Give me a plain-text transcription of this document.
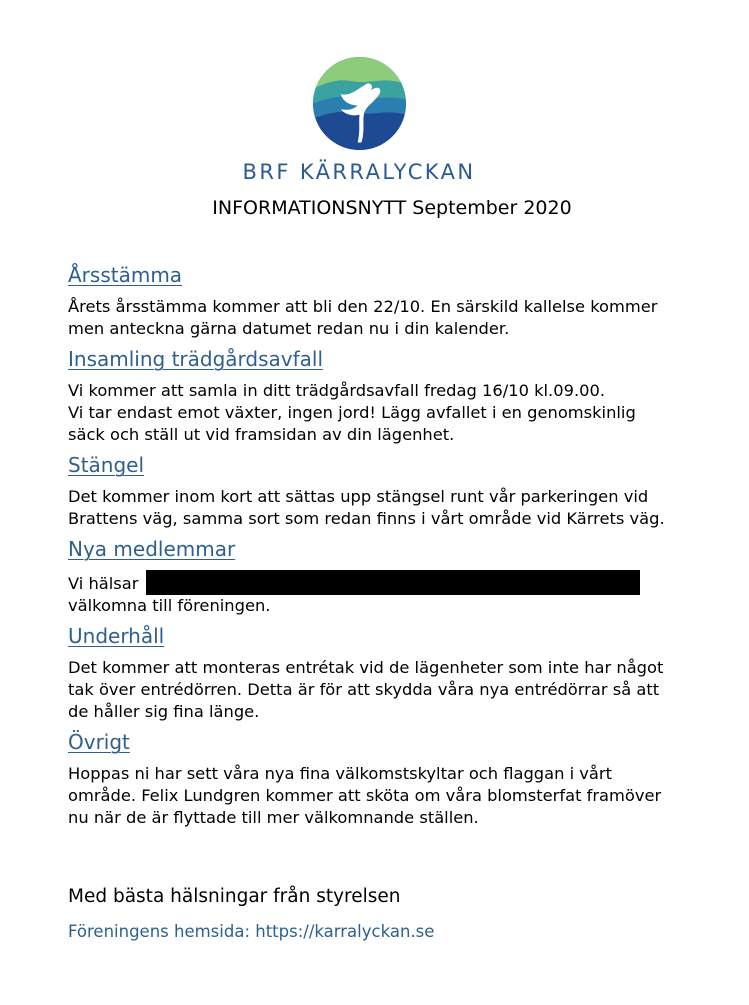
BRF KÄRRALYCKAN
INFORMATIONSNYTT September 2020
Årsstämma
Årets årsstämma kommer att bli den 22/10. En särskild kallelse kommer
men anteckna gärna datumet redan nu i din kalender.
Insamling trädgårdsavfall
Vi kommer att samla in ditt trädgårdsavfall fredag 16/10 kl.09.00.
Vi tar endast emot växter, ingen jord! Lägg avfallet i en genomskinlig
säck och ställ ut vid framsidan av din lägenhet.
Stängel
Det kommer inom kort att sättas upp stängsel runt vår parkeringen vid
Brattens väg, samma sort som redan finns i vårt område vid Kärrets väg.
Nya medlemmar
Vi hälsar
välkomna till föreningen.
Underhåll
Det kommer att monteras entrétak vid de lägenheter som inte har något
tak över entrédörren. Detta är för att skydda våra nya entrédörrar så att
de håller sig fina länge.
Övrigt
Hoppas ni har sett våra nya fina välkomstskyltar och flaggan i vårt
område. Felix Lundgren kommer att sköta om våra blomsterfat framöver
nu när de är flyttade till mer välkomnande ställen.
Med bästa hälsningar från styrelsen
Föreningens hemsida: https://karralyckan.se
